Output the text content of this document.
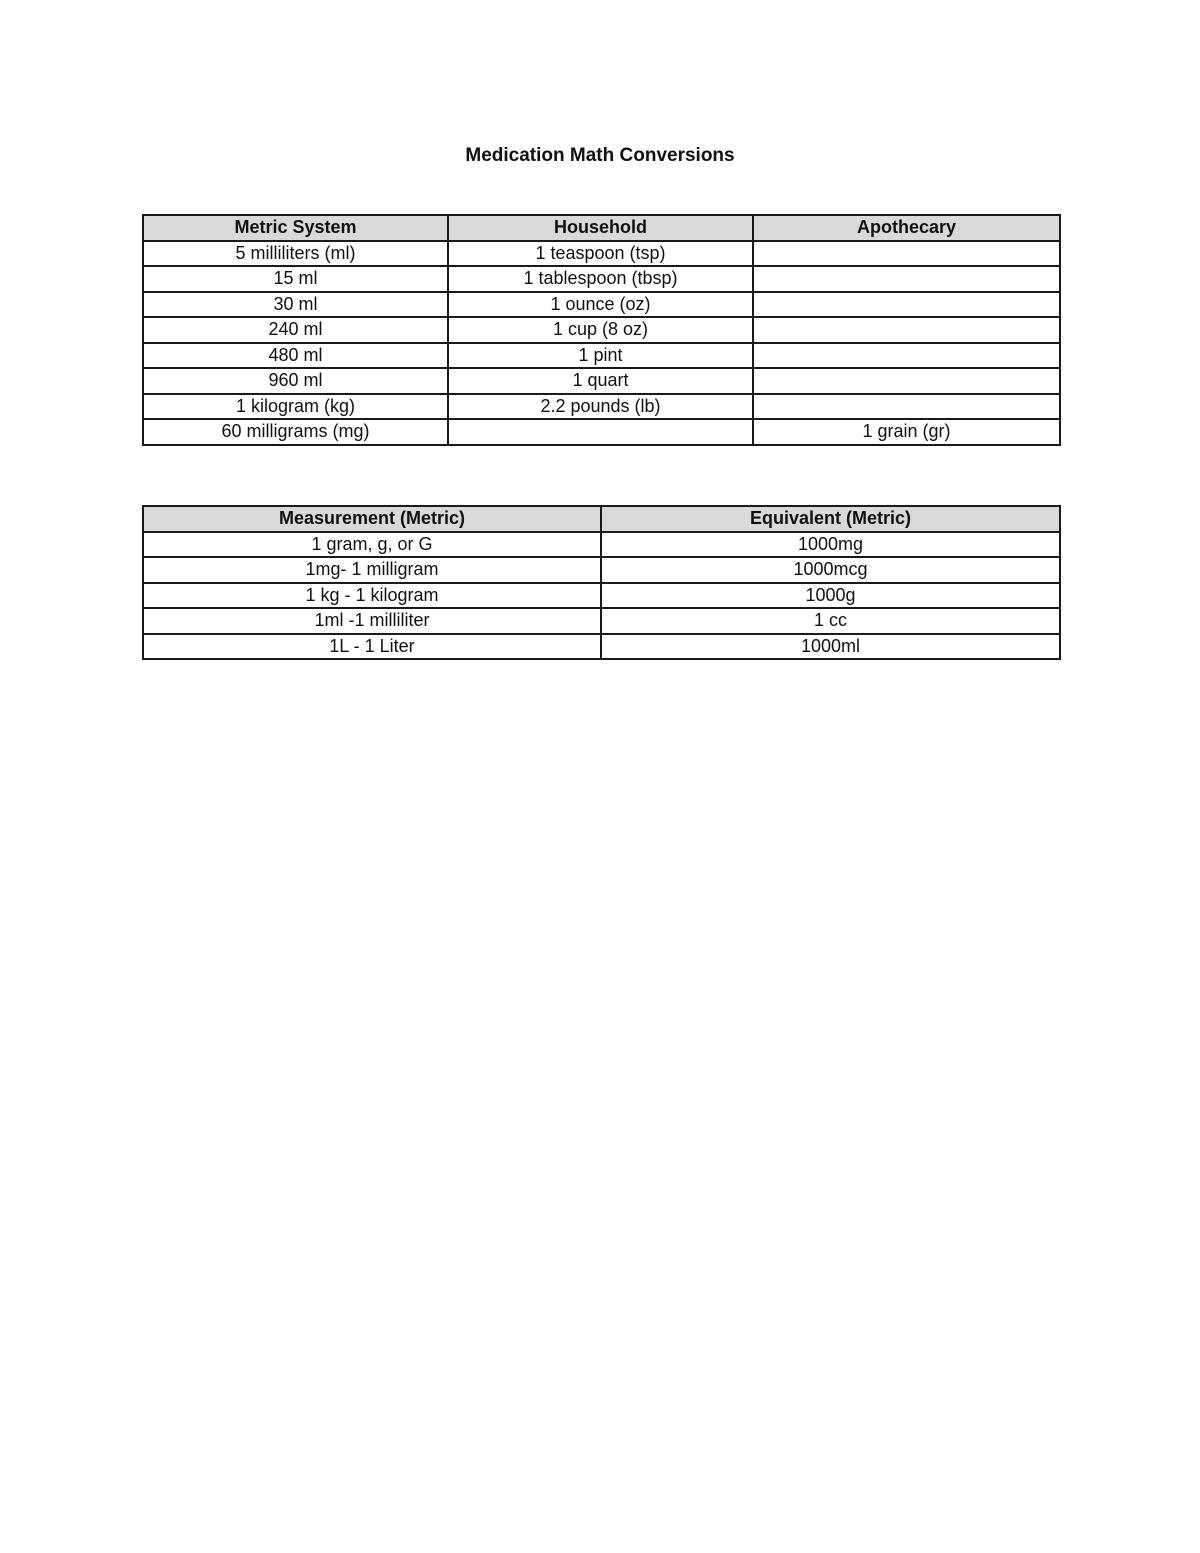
Medication Math Conversions
Metric System	Household	Apothecary
5 milliliters (ml)	1 teaspoon (tsp)	
15 ml	1 tablespoon (tbsp)	
30 ml	1 ounce (oz)	
240 ml	1 cup (8 oz)	
480 ml	1 pint	
960 ml	1 quart	
1 kilogram (kg)	2.2 pounds (lb)	
60 milligrams (mg)		1 grain (gr)
Measurement (Metric)	Equivalent (Metric)
1 gram, g, or G	1000mg
1mg- 1 milligram	1000mcg
1 kg - 1 kilogram	1000g
1ml -1 milliliter	1 cc
1L - 1 Liter	1000ml
